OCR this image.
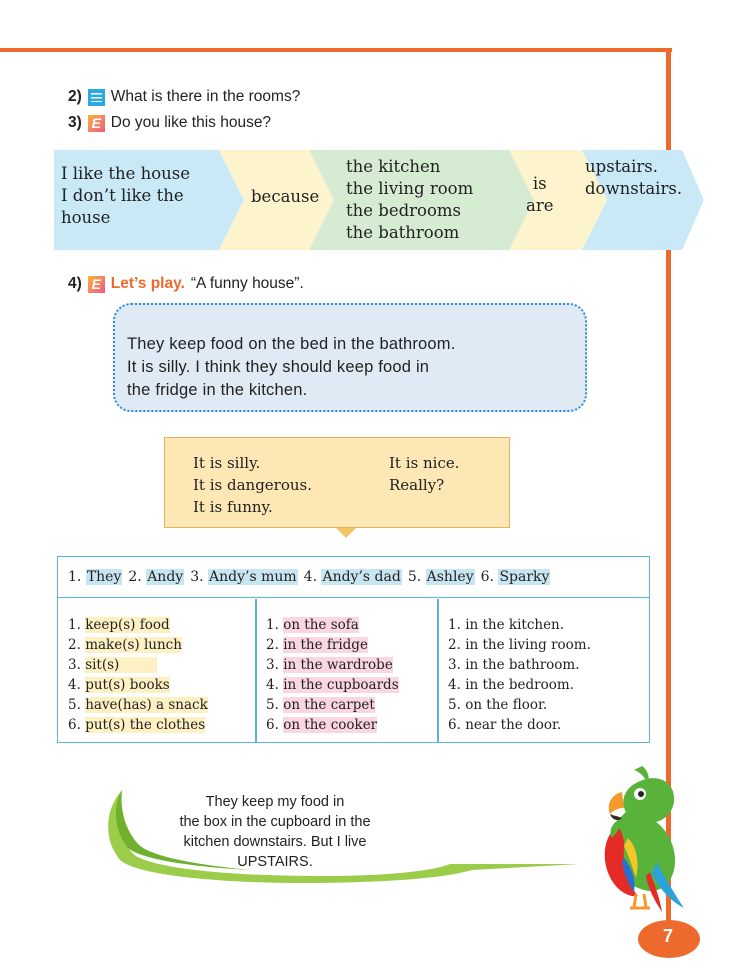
2) What is there in the rooms?
3) E Do you like this house?
I like the house
I don’t like the
house
because
the kitchen
the living room
the bedrooms
the bathroom
is
are
upstairs.
downstairs.
4) E Let’s play. “A funny house”.
They keep food on the bed in the bathroom.
It is silly. I think they should keep food in
the fridge in the kitchen.
It is silly.
It is dangerous.
It is funny.
It is nice.
Really?
1.
They 2.
Andy 3.
Andy’s mum 4.
Andy’s dad 5.
Ashley 6.
Sparky
1. keep(s) food
2. make(s) lunch
3. sit(s)
4. put(s) books
5. have(has) a snack
6. put(s) the clothes
1. on the sofa
2. in the fridge
3. in the wardrobe
4. in the cupboards
5. on the carpet
6. on the cooker
1. in the kitchen.
2. in the living room.
3. in the bathroom.
4. in the bedroom.
5. on the floor.
6. near the door.
They keep my food in
the box in the cupboard in the
kitchen downstairs. But I live
UPSTAIRS.
7
